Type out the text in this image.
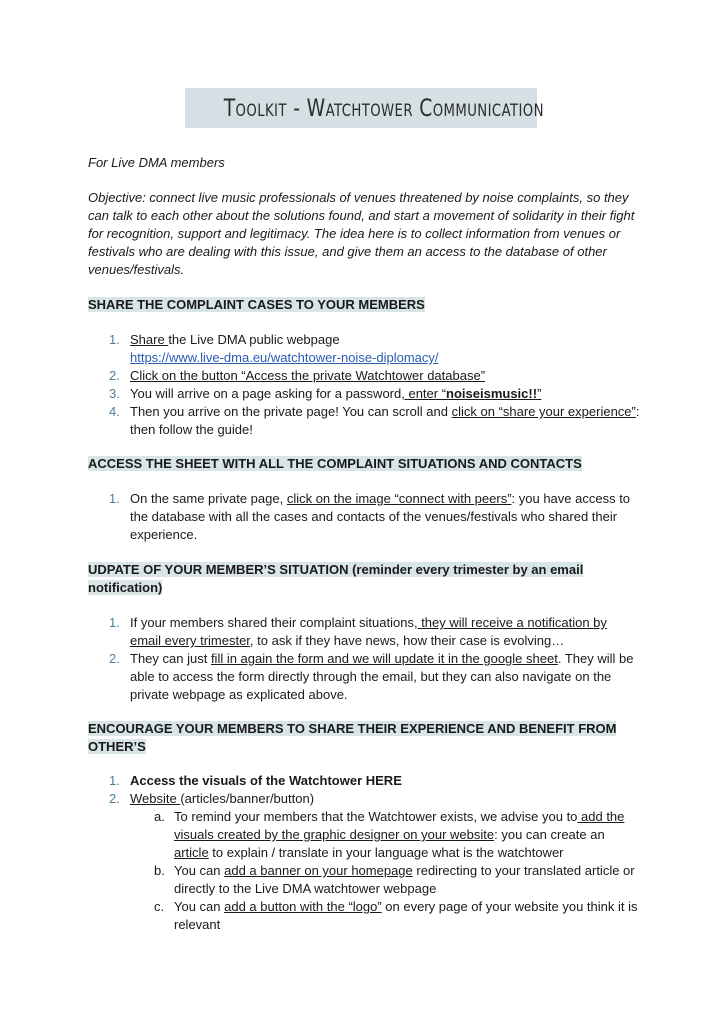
Toolkit - Watchtower Communication

For Live DMA members

Objective: connect live music professionals of venues threatened by noise complaints, so they can talk to each other about the solutions found, and start a movement of solidarity in their fight for recognition, support and legitimacy. The idea here is to collect information from venues or festivals who are dealing with this issue, and give them an access to the database of other venues/festivals.

SHARE THE COMPLAINT CASES TO YOUR MEMBERS
1. Share the Live DMA public webpage
https://www.live-dma.eu/watchtower-noise-diplomacy/
2. Click on the button “Access the private Watchtower database”
3. You will arrive on a page asking for a password, enter “noiseismusic!!”
4. Then you arrive on the private page! You can scroll and click on “share your experience”: then follow the guide!
ACCESS THE SHEET WITH ALL THE COMPLAINT SITUATIONS AND CONTACTS
1. On the same private page, click on the image “connect with peers”: you have access to the database with all the cases and contacts of the venues/festivals who shared their experience.
UDPATE OF YOUR MEMBER’S SITUATION (reminder every trimester by an email notification)
1. If your members shared their complaint situations, they will receive a notification by email every trimester, to ask if they have news, how their case is evolving…
2. They can just fill in again the form and we will update it in the google sheet. They will be able to access the form directly through the email, but they can also navigate on the private webpage as explicated above.
ENCOURAGE YOUR MEMBERS TO SHARE THEIR EXPERIENCE AND BENEFIT FROM OTHER’S
1. Access the visuals of the Watchtower HERE
2. Website (articles/banner/button)
a. To remind your members that the Watchtower exists, we advise you to add the visuals created by the graphic designer on your website: you can create an article to explain / translate in your language what is the watchtower
b. You can add a banner on your homepage redirecting to your translated article or directly to the Live DMA watchtower webpage
c. You can add a button with the “logo” on every page of your website you think it is relevant
